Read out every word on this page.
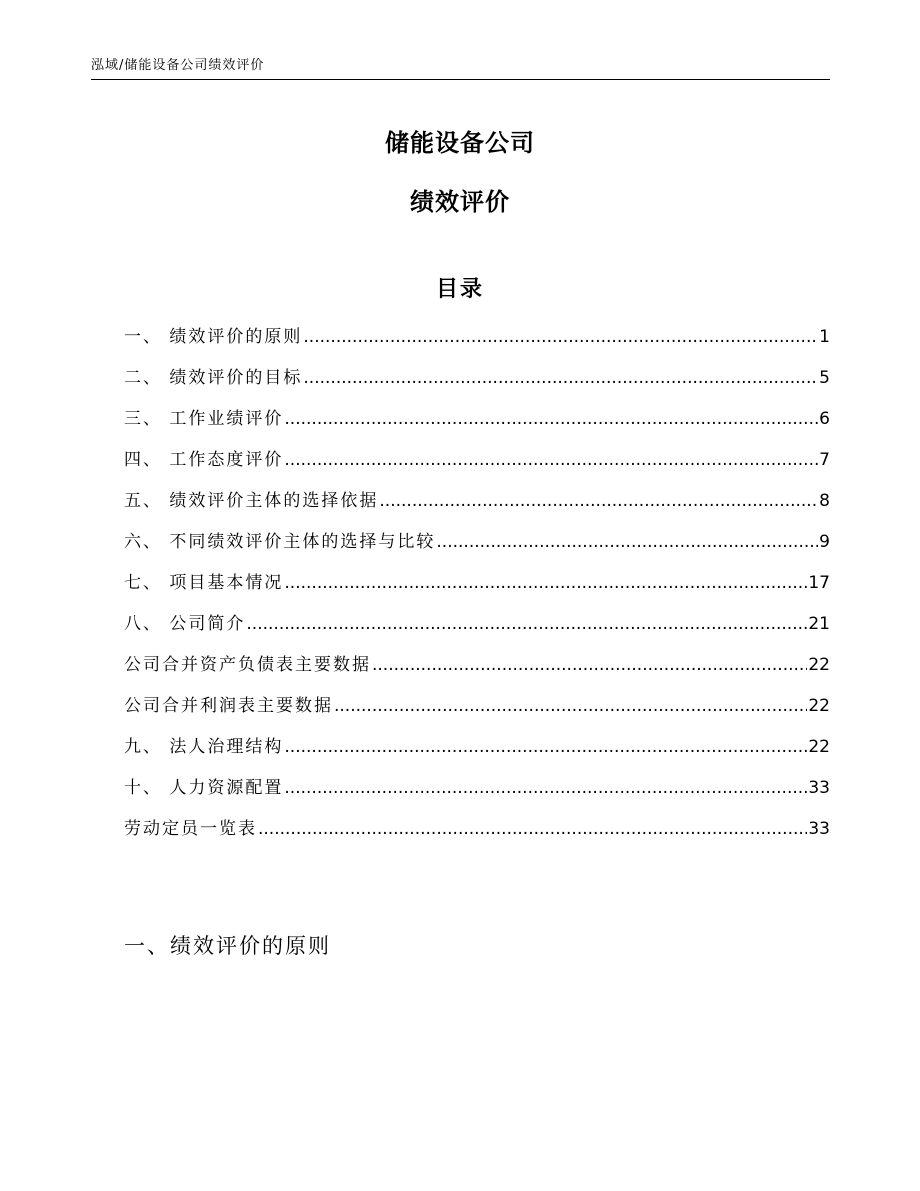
泓域/储能设备公司绩效评价
储能设备公司
绩效评价
目录
一、 绩效评价的原则 .....	1
二、 绩效评价的目标 .....	5
三、 工作业绩评价 .....	6
四、 工作态度评价 .....	7
五、 绩效评价主体的选择依据 .....	8
六、 不同绩效评价主体的选择与比较 .....	9
七、 项目基本情况 .....	17
八、 公司简介 .....	21
公司合并资产负债表主要数据 .....	22
公司合并利润表主要数据 .....	22
九、 法人治理结构 .....	22
十、 人力资源配置 .....	33
劳动定员一览表 .....	33
一、绩效评价的原则
